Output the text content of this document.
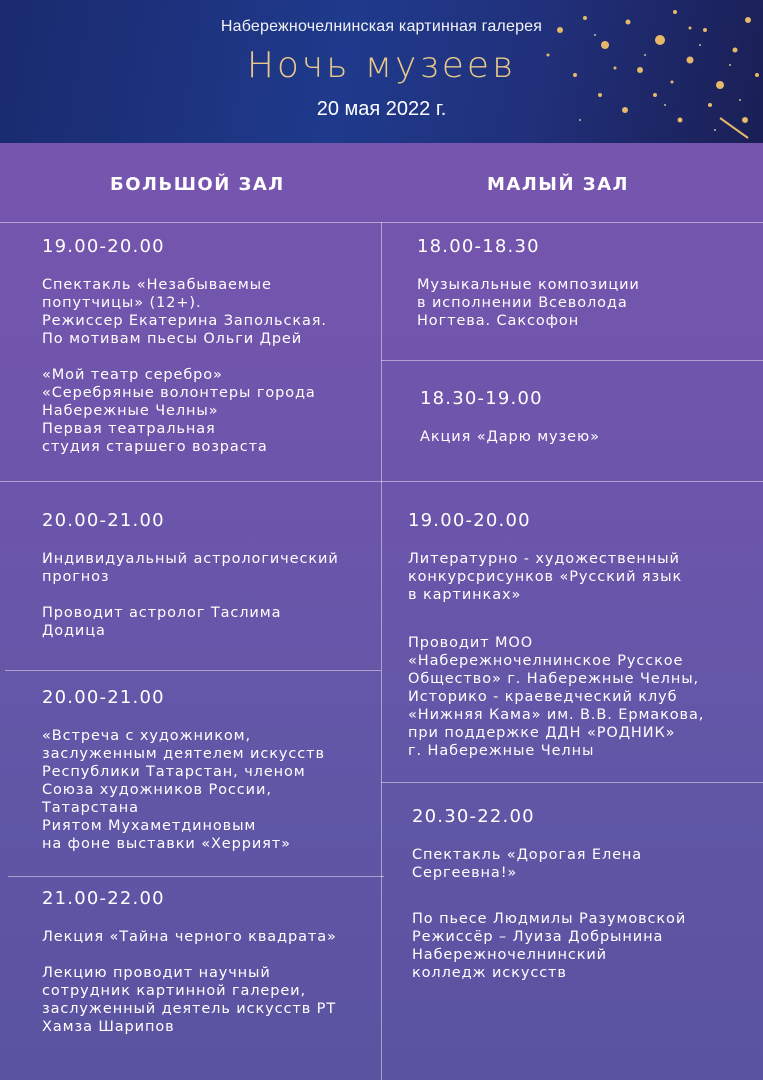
Набережночелнинская картинная галерея
Ночь музеев
20 мая 2022 г.
БОЛЬШОЙ ЗАЛ	МАЛЫЙ ЗАЛ
19.00-20.00

Спектакль «Незабываемые

попутчицы» (12+).

Режиссер Екатерина Запольская.

По мотивам пьесы Ольги Дрей

«Мой театр серебро»

«Серебряные волонтеры города

Набережные Челны»

Первая театральная

студия старшего возраста

20.00-21.00

Индивидуальный астрологический

прогноз

Проводит астролог Таслима

Додица

20.00-21.00

«Встреча с художником,

заслуженным деятелем искусств

Республики Татарстан, членом

Союза художников России,

Татарстана

Риятом Мухаметдиновым

на фоне выставки «Херрият»

21.00-22.00

Лекция «Тайна черного квадрата»

Лекцию проводит научный

сотрудник картинной галереи,

заслуженный деятель искусств РТ

Хамза Шарипов

18.00-18.30

Музыкальные композиции

в исполнении Всеволода

Ногтева. Саксофон

18.30-19.00

Акция «Дарю музею»

19.00-20.00

Литературно - художественный

конкурсрисунков «Русский язык

в картинках»

Проводит МОО

«Набережночелнинское Русское

Общество» г. Набережные Челны,

Историко - краеведческий клуб

«Нижняя Кама» им. В.В. Ермакова,

при поддержке ДДН «РОДНИК»

г. Набережные Челны

20.30-22.00

Спектакль «Дорогая Елена

Сергеевна!»

По пьесе Людмилы Разумовской

Режиссёр – Луиза Добрынина

Набережночелнинский

колледж искусств
